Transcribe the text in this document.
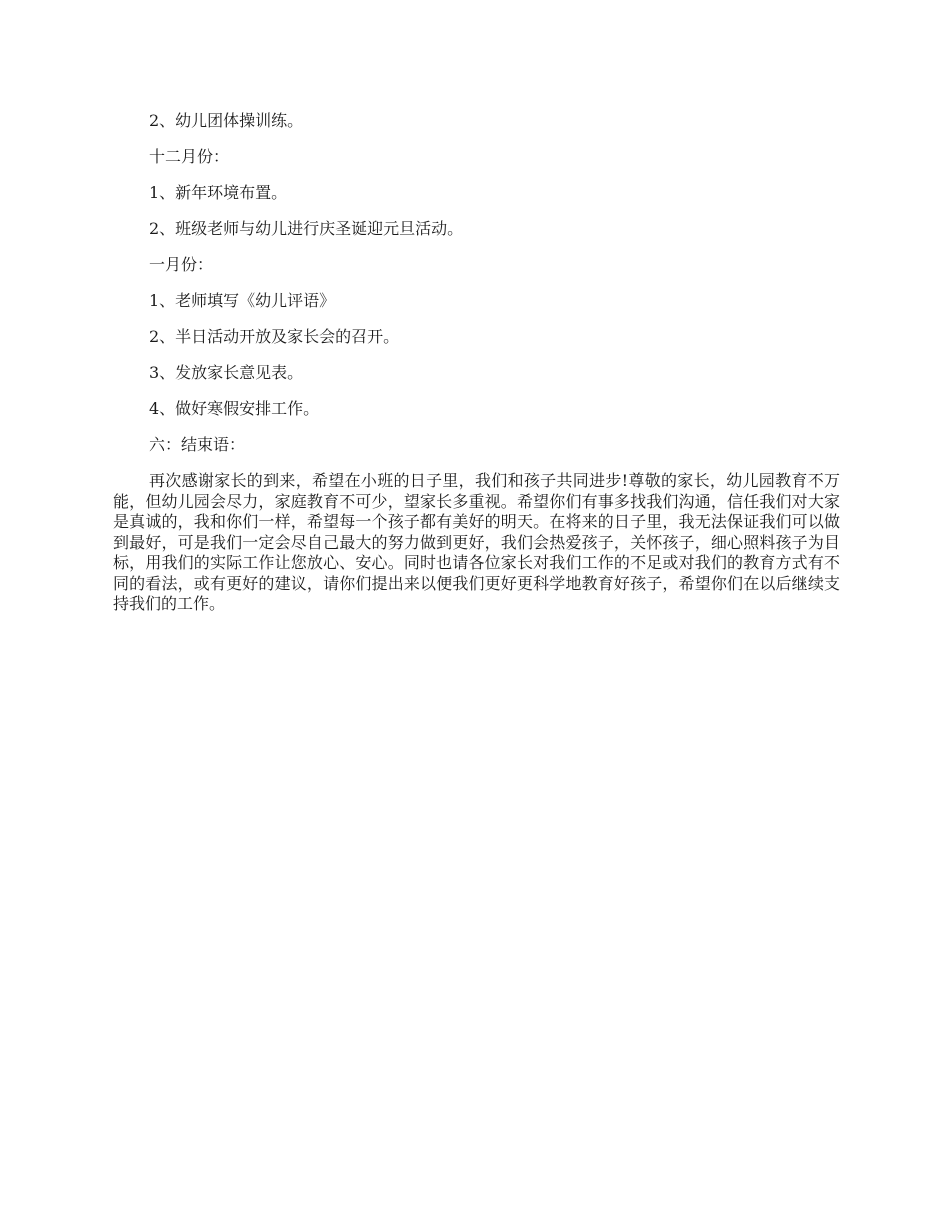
2、幼儿团体操训练。

十二月份：

1、新年环境布置。

2、班级老师与幼儿进行庆圣诞迎元旦活动。

一月份：

1、老师填写《幼儿评语》

2、半日活动开放及家长会的召开。

3、发放家长意见表。

4、做好寒假安排工作。

六：结束语：

再次感谢家长的到来，希望在小班的日子里，我们和孩子共同进步!尊敬的家长，幼儿园教育不万能，但幼儿园会尽力，家庭教育不可少，望家长多重视。希望你们有事多找我们沟通，信任我们对大家是真诚的，我和你们一样，希望每一个孩子都有美好的明天。在将来的日子里，我无法保证我们可以做到最好，可是我们一定会尽自己最大的努力做到更好，我们会热爱孩子，关怀孩子，细心照料孩子为目标，用我们的实际工作让您放心、安心。同时也请各位家长对我们工作的不足或对我们的教育方式有不同的看法，或有更好的建议，请你们提出来以便我们更好更科学地教育好孩子，希望你们在以后继续支持我们的工作。
